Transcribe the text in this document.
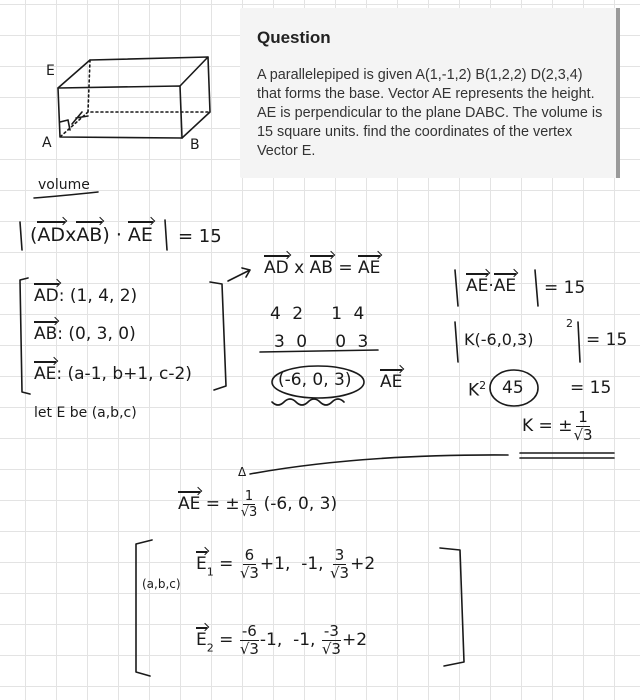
Question
A parallelepiped is given A(1,-1,2) B(1,2,2) D(2,3,4) that forms the base. Vector AE represents the height. AE is perpendicular to the plane DABC. The volume is 15 square units. find the coordinates of the vertex Vector E.
E
A	B
volume
(ADxAB) · AE = 15
AD x AB = AE
AD: (1, 4, 2)
AB: (0, 3, 0)
AE: (a-1, b+1, c-2)
let E be (a,b,c)
4 2   1 4
3 0   0 3
(-6, 0, 3) AE
AE·AE = 15
K(-6,0,3)
2
= 15
$K^2$ 45	= 15
K = ± $\frac{1}{√3}$
Δ
AE = ± $\frac{1}{√3} (-6$, 0, 3)
(a,b,c)
$E_1 = \frac{6}{√3} +1$,  -1, $\frac{3}{√3} +2$
$E_2 = \frac{-6}{√3} -1$,  -1, $\frac{-3}{√3} +2$
